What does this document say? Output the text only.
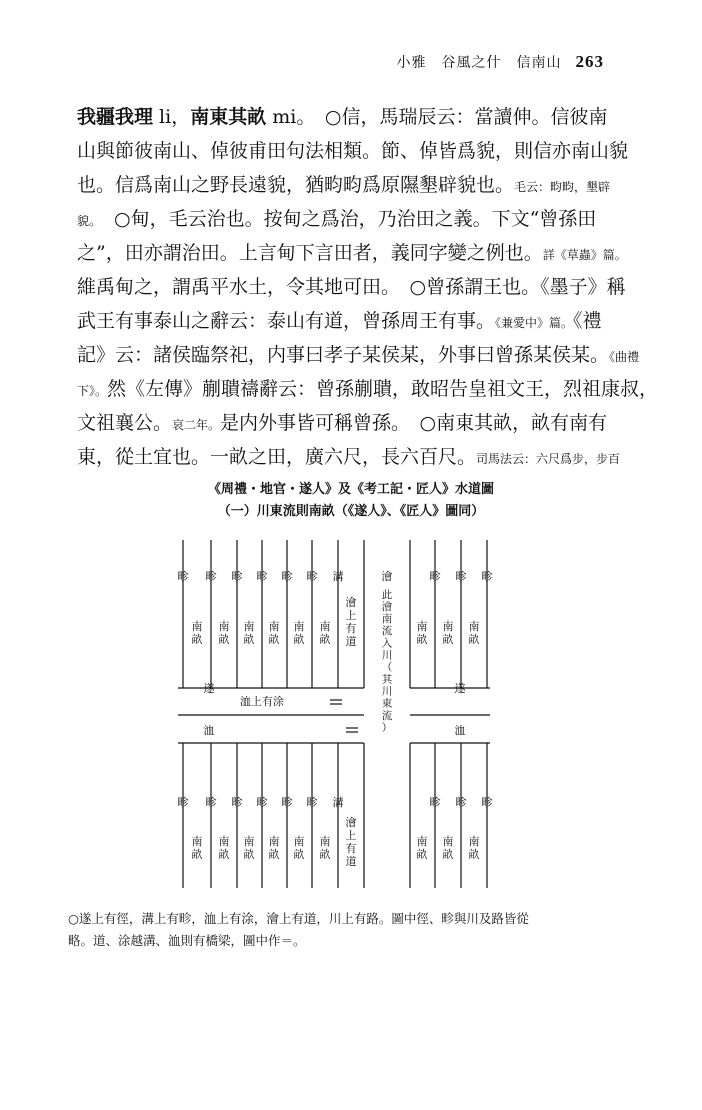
小雅　谷風之什　信南山 263
我疆我理 li，南東其畝 mi。　○信，馬瑞辰云：當讀伸。信彼南
山與節彼南山、倬彼甫田句法相類。節、倬皆爲貌，則信亦南山貌
也。信爲南山之野長遠貌，猶畇畇爲原隰墾辟貌也。毛云：畇畇，墾辟
貌。　○甸，毛云治也。按甸之爲治，乃治田之義。下文“曾孫田
之”，田亦謂治田。上言甸下言田者，義同字變之例也。詳《草蟲》篇。
維禹甸之，謂禹平水土，令其地可田。　○曾孫謂王也。《墨子》稱
武王有事泰山之辭云：泰山有道，曾孫周王有事。《兼愛中》篇。《禮
記》云：諸侯臨祭祀，内事曰孝子某侯某，外事曰曾孫某侯某。《曲禮
下》。然《左傳》蒯聵禱辭云：曾孫蒯聵，敢昭告皇祖文王，烈祖康叔，
文祖襄公。哀二年。是内外事皆可稱曾孫。　○南東其畝，畝有南有
東，從土宜也。一畝之田，廣六尺，長六百尺。司馬法云：六尺爲步，步百
《周禮・地官・遂人》及《考工記・匠人》水道圖
（一）川東流則南畝（《遂人》、《匠人》圖同）
畛
畛
畛
畛
畛
畛
畛
畛
畛
畛
畛
畛
溝
溝
畛
畛
畛
畛
畛
畛
澮
南畝
南畝
南畝
南畝
南畝
南畝
南畝
南畝
南畝
南畝
南畝
南畝
南畝
南畝
南畝
南畝
南畝
南畝
遂	遂
洫	洫
洫上有涂
澮上有道
澮上有道
此澮南流入川（其川東流）
○遂上有徑，溝上有畛，洫上有涂，澮上有道，川上有路。圖中徑、畛與川及路皆從
略。道、涂越溝、洫則有橋梁，圖中作＝。
